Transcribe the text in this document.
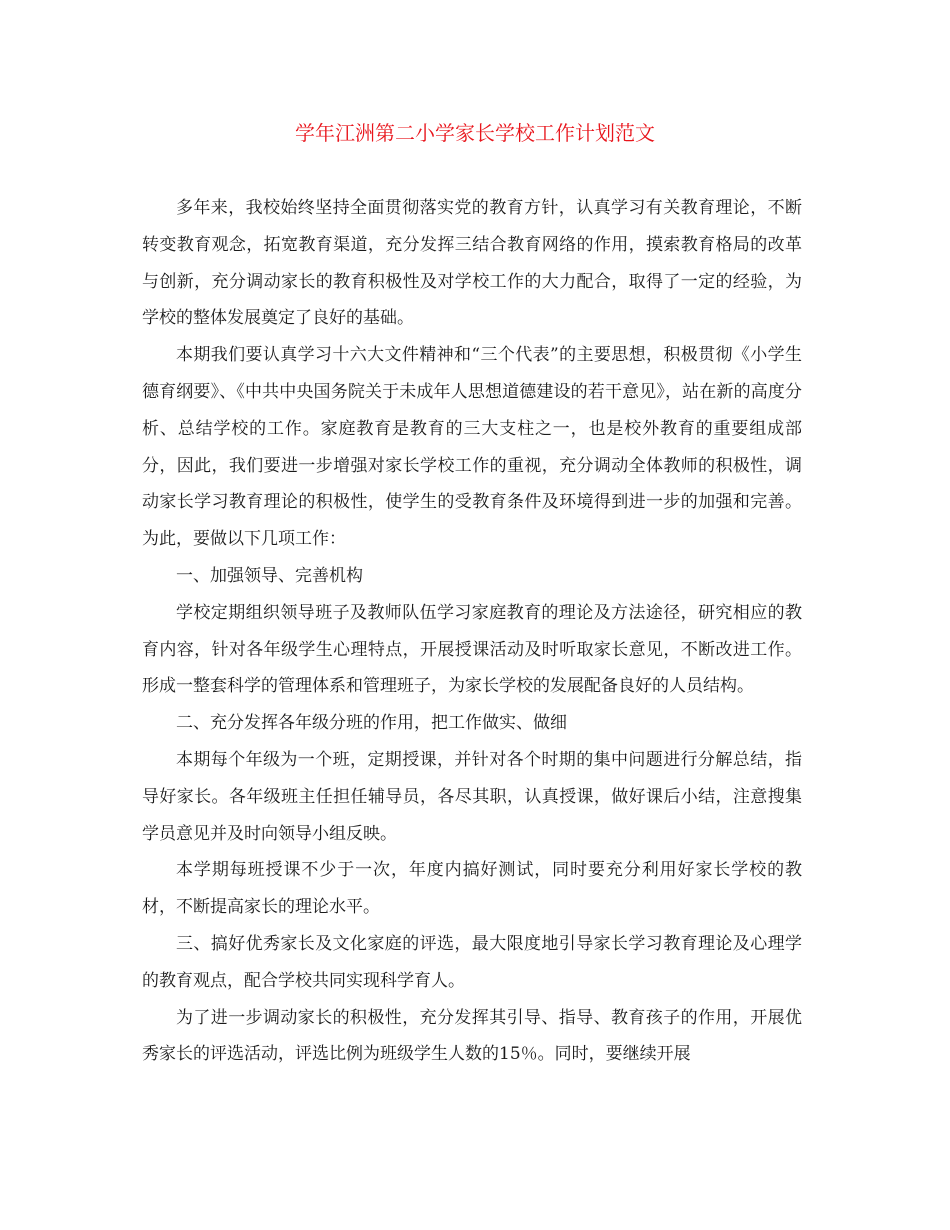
学年江洲第二小学家长学校工作计划范文

多年来，我校始终坚持全面贯彻落实党的教育方针，认真学习有关教育理论，不断转变教育观念，拓宽教育渠道，充分发挥三结合教育网络的作用，摸索教育格局的改革与创新，充分调动家长的教育积极性及对学校工作的大力配合，取得了一定的经验，为学校的整体发展奠定了良好的基础。

本期我们要认真学习十六大文件精神和“三个代表”的主要思想，积极贯彻《小学生德育纲要》、《中共中央国务院关于未成年人思想道德建设的若干意见》，站在新的高度分析、总结学校的工作。家庭教育是教育的三大支柱之一，也是校外教育的重要组成部分，因此，我们要进一步增强对家长学校工作的重视，充分调动全体教师的积极性，调动家长学习教育理论的积极性，使学生的受教育条件及环境得到进一步的加强和完善。为此，要做以下几项工作：

一、加强领导、完善机构

学校定期组织领导班子及教师队伍学习家庭教育的理论及方法途径，研究相应的教育内容，针对各年级学生心理特点，开展授课活动及时听取家长意见，不断改进工作。形成一整套科学的管理体系和管理班子，为家长学校的发展配备良好的人员结构。

二、充分发挥各年级分班的作用，把工作做实、做细

本期每个年级为一个班，定期授课，并针对各个时期的集中问题进行分解总结，指导好家长。各年级班主任担任辅导员，各尽其职，认真授课，做好课后小结，注意搜集学员意见并及时向领导小组反映。

本学期每班授课不少于一次，年度内搞好测试，同时要充分利用好家长学校的教材，不断提高家长的理论水平。

三、搞好优秀家长及文化家庭的评选，最大限度地引导家长学习教育理论及心理学的教育观点，配合学校共同实现科学育人。

为了进一步调动家长的积极性，充分发挥其引导、指导、教育孩子的作用，开展优秀家长的评选活动，评选比例为班级学生人数的15％。同时，要继续开展
